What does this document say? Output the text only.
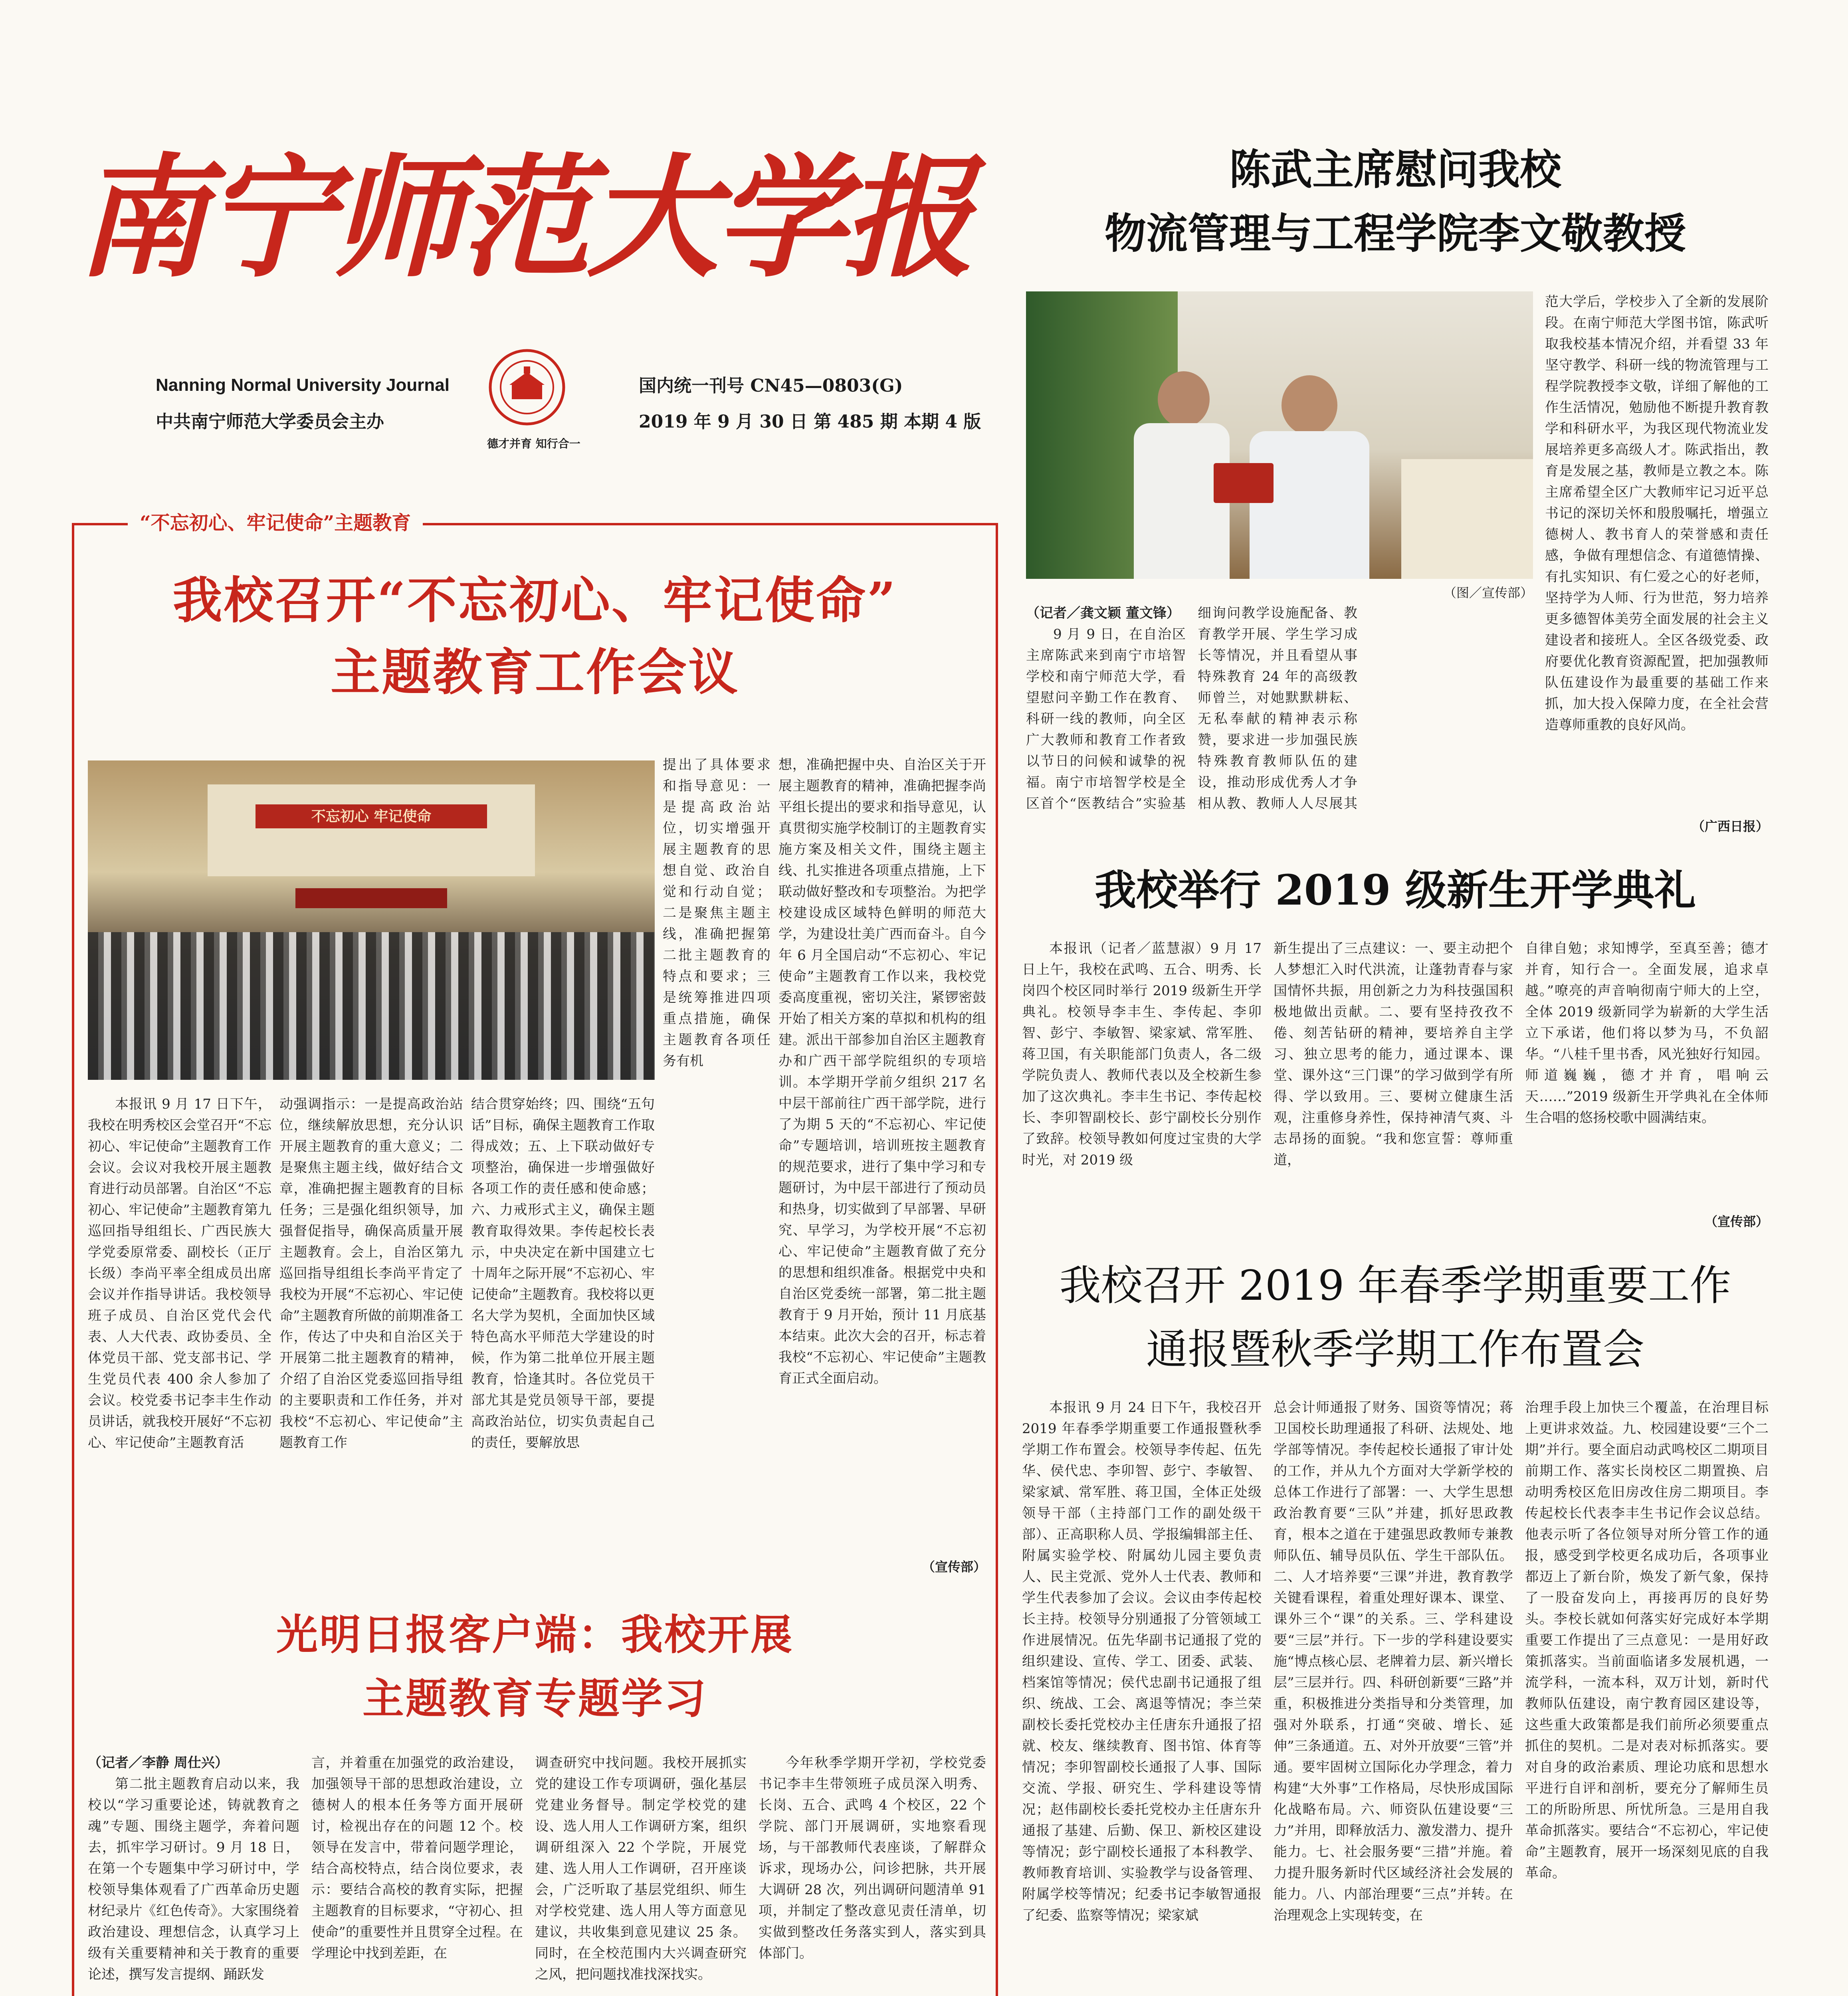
南宁师范大学报
Nanning Normal University Journal
中共南宁师范大学委员会主办
德才并育 知行合一
国内统一刊号 CN45—0803(G)
2019 年 9 月 30 日 第 485 期 本期 4 版
陈武主席慰问我校
物流管理与工程学院李文敬教授
（图／宣传部）

（记者／龚文颖 董文锋）

9 月 9 日，在自治区主席陈武来到南宁市培智学校和南宁师范大学，看望慰问辛勤工作在教育、科研一线的教师，向全区广大教师和教育工作者致以节日的问候和诚挚的祝福。南宁市培智学校是全区首个“医教结合”实验基

细询问教学设施配备、教育教学开展、学生学习成长等情况，并且看望从事特殊教育 24 年的高级教师曾兰，对她默默耕耘、无私奉献的精神表示称赞，要求进一步加强民族特殊教育教师队伍的建设，推动形成优秀人才争相从教、教师人人尽展其

范大学后，学校步入了全新的发展阶段。在南宁师范大学图书馆，陈武听取我校基本情况介绍，并看望 33 年坚守教学、科研一线的物流管理与工程学院教授李文敬，详细了解他的工作生活情况，勉励他不断提升教育教学和科研水平，为我区现代物流业发展培养更多高级人才。陈武指出，教育是发展之基，教师是立教之本。陈主席希望全区广大教师牢记习近平总书记的深切关怀和殷殷嘱托，增强立德树人、教书育人的荣誉感和责任感，争做有理想信念、有道德情操、有扎实知识、有仁爱之心的好老师，坚持学为人师、行为世范，努力培养更多德智体美劳全面发展的社会主义建设者和接班人。全区各级党委、政府要优化教育资源配置，把加强教师队伍建设作为最重要的基础工作来抓，加大投入保障力度，在全社会营造尊师重教的良好风尚。

（广西日报）
“不忘初心、牢记使命”主题教育
我校召开“不忘初心、牢记使命”
主题教育工作会议
不忘初心 牢记使命

提出了具体要求和指导意见：一是提高政治站位，切实增强开展主题教育的思想自觉、政治自觉和行动自觉；二是聚焦主题主线，准确把握第二批主题教育的特点和要求；三是统筹推进四项重点措施，确保主题教育各项任务有机

本报讯 9 月 17 日下午，我校在明秀校区会堂召开“不忘初心、牢记使命”主题教育工作会议。会议对我校开展主题教育进行动员部署。自治区“不忘初心、牢记使命”主题教育第九巡回指导组组长、广西民族大学党委原常委、副校长（正厅长级）李尚平率全组成员出席会议并作指导讲话。我校领导班子成员、自治区党代会代表、人大代表、政协委员、全体党员干部、党支部书记、学生党员代表 400 余人参加了会议。校党委书记李丰生作动员讲话，就我校开展好“不忘初心、牢记使命”主题教育活

动强调指示：一是提高政治站位，继续解放思想，充分认识开展主题教育的重大意义；二是聚焦主题主线，做好结合文章，准确把握主题教育的目标任务；三是强化组织领导，加强督促指导，确保高质量开展主题教育。会上，自治区第九巡回指导组组长李尚平肯定了我校为开展“不忘初心、牢记使命”主题教育所做的前期准备工作，传达了中央和自治区关于开展第二批主题教育的精神，介绍了自治区党委巡回指导组的主要职责和工作任务，并对我校“不忘初心、牢记使命”主题教育工作

结合贯穿始终；四、围绕“五句话”目标，确保主题教育工作取得成效；五、上下联动做好专项整治，确保进一步增强做好各项工作的责任感和使命感；六、力戒形式主义，确保主题教育取得效果。李传起校长表示，中央决定在新中国建立七十周年之际开展“不忘初心、牢记使命”主题教育。我校将以更名大学为契机，全面加快区域特色高水平师范大学建设的时候，作为第二批单位开展主题教育，恰逢其时。各位党员干部尤其是党员领导干部，要提高政治站位，切实负责起自己的责任，要解放思

想，准确把握中央、自治区关于开展主题教育的精神，准确把握李尚平组长提出的要求和指导意见，认真贯彻实施学校制订的主题教育实施方案及相关文件，围绕主题主线、扎实推进各项重点措施，上下联动做好整改和专项整治。为把学校建设成区域特色鲜明的师范大学，为建设壮美广西而奋斗。自今年 6 月全国启动“不忘初心、牢记使命”主题教育工作以来，我校党委高度重视，密切关注，紧锣密鼓开始了相关方案的草拟和机构的组建。派出干部参加自治区主题教育办和广西干部学院组织的专项培训。本学期开学前夕组织 217 名中层干部前往广西干部学院，进行了为期 5 天的“不忘初心、牢记使命”专题培训，培训班按主题教育的规范要求，进行了集中学习和专题研讨，为中层干部进行了预动员和热身，切实做到了早部署、早研究、早学习，为学校开展“不忘初心、牢记使命”主题教育做了充分的思想和组织准备。根据党中央和自治区党委统一部署，第二批主题教育于 9 月开始，预计 11 月底基本结束。此次大会的召开，标志着我校“不忘初心、牢记使命”主题教育正式全面启动。

（宣传部）
光明日报客户端：我校开展
主题教育专题学习

（记者／李静 周仕兴）

第二批主题教育启动以来，我校以“学习重要论述，铸就教育之魂”专题、围绕主题学，奔着问题去，抓牢学习研讨。9 月 18 日，在第一个专题集中学习研讨中，学校领导集体观看了广西革命历史题材纪录片《红色传奇》。大家围绕着政治建设、理想信念，认真学习上级有关重要精神和关于教育的重要论述，撰写发言提纲、踊跃发

言，并着重在加强党的政治建设，加强领导干部的思想政治建设，立德树人的根本任务等方面开展研讨，检视出存在的问题 12 个。校领导在发言中，带着问题学理论，结合高校特点，结合岗位要求，表示：要结合高校的教育实际，把握主题教育的目标要求，“守初心、担使命”的重要性并且贯穿全过程。在学理论中找到差距，在

调查研究中找问题。我校开展抓实党的建设工作专项调研，强化基层党建业务督导。制定学校党的建设、选人用人工作调研方案，组织调研组深入 22 个学院，开展党建、选人用人工作调研，召开座谈会，广泛听取了基层党组织、师生对学校党建、选人用人等方面意见建议，共收集到意见建议 25 条。同时，在全校范围内大兴调查研究之风，把问题找准找深找实。

今年秋季学期开学初，学校党委书记李丰生带领班子成员深入明秀、长岗、五合、武鸣 4 个校区，22 个学院、部门开展调研，实地察看现场，与干部教师代表座谈，了解群众诉求，现场办公，问诊把脉，共开展大调研 28 次，列出调研问题清单 91 项，并制定了整改意见责任清单，切实做到整改任务落实到人，落实到具体部门。

我校举行 2019 级新生开学典礼

本报讯（记者／蓝慧淑）9 月 17 日上午，我校在武鸣、五合、明秀、长岗四个校区同时举行 2019 级新生开学典礼。校领导李丰生、李传起、李卯智、彭宁、李敏智、梁家斌、常军胜、蒋卫国，有关职能部门负责人，各二级学院负责人、教师代表以及全校新生参加了这次典礼。李丰生书记、李传起校长、李卯智副校长、彭宁副校长分别作了致辞。校领导教如何度过宝贵的大学时光，对 2019 级

新生提出了三点建议：一、要主动把个人梦想汇入时代洪流，让蓬勃青春与家国情怀共振，用创新之力为科技强国积极地做出贡献。二、要有坚持孜孜不倦、刻苦钻研的精神，要培养自主学习、独立思考的能力，通过课本、课堂、课外这“三门课”的学习做到学有所得、学以致用。三、要树立健康生活观，注重修身养性，保持神清气爽、斗志昂扬的面貌。“我和您宣誓：尊师重道，

自律自勉；求知博学，至真至善；德才并育，知行合一。全面发展，追求卓越。”嘹亮的声音响彻南宁师大的上空，全体 2019 级新同学为崭新的大学生活立下承诺，他们将以梦为马，不负韶华。“八桂千里书香，风光独好行知园。师道巍巍，德才并育，唱响云天……”2019 级新生开学典礼在全体师生合唱的悠扬校歌中圆满结束。

（宣传部）
我校召开 2019 年春季学期重要工作
通报暨秋季学期工作布置会

本报讯 9 月 24 日下午，我校召开 2019 年春季学期重要工作通报暨秋季学期工作布置会。校领导李传起、伍先华、侯代忠、李卯智、彭宁、李敏智、梁家斌、常军胜、蒋卫国，全体正处级领导干部（主持部门工作的副处级干部）、正高职称人员、学报编辑部主任、附属实验学校、附属幼儿园主要负责人、民主党派、党外人士代表、教师和学生代表参加了会议。会议由李传起校长主持。校领导分别通报了分管领域工作进展情况。伍先华副书记通报了党的组织建设、宣传、学工、团委、武装、档案馆等情况；侯代忠副书记通报了组织、统战、工会、离退等情况；李兰荣副校长委托党校办主任唐东升通报了招就、校友、继续教育、图书馆、体育等情况；李卯智副校长通报了人事、国际交流、学报、研究生、学科建设等情况；赵伟副校长委托党校办主任唐东升通报了基建、后勤、保卫、新校区建设等情况；彭宁副校长通报了本科教学、教师教育培训、实验教学与设备管理、附属学校等情况；纪委书记李敏智通报了纪委、监察等情况；梁家斌

总会计师通报了财务、国资等情况；蒋卫国校长助理通报了科研、法规处、地学部等情况。李传起校长通报了审计处的工作，并从九个方面对大学新学校的总体工作进行了部署：一、大学生思想政治教育要“三队”并建，抓好思政教育，根本之道在于建强思政教师专兼教师队伍、辅导员队伍、学生干部队伍。二、人才培养要“三课”并进，教育教学关键看课程，着重处理好课本、课堂、课外三个“课”的关系。三、学科建设要“三层”并行。下一步的学科建设要实施“博点核心层、老牌着力层、新兴增长层”三层并行。四、科研创新要“三路”并重，积极推进分类指导和分类管理，加强对外联系，打通“突破、增长、延伸”三条通道。五、对外开放要“三管”并通。要牢固树立国际化办学理念，着力构建“大外事”工作格局，尽快形成国际化战略布局。六、师资队伍建设要“三力”并用，即释放活力、激发潜力、提升能力。七、社会服务要“三措”并施。着力提升服务新时代区域经济社会发展的能力。八、内部治理要“三点”并转。在治理观念上实现转变，在

治理手段上加快三个覆盖，在治理目标上更讲求效益。九、校园建设要“三个二期”并行。要全面启动武鸣校区二期项目前期工作、落实长岗校区二期置换、启动明秀校区危旧房改住房二期项目。李传起校长代表李丰生书记作会议总结。他表示听了各位领导对所分管工作的通报，感受到学校更名成功后，各项事业都迈上了新台阶，焕发了新气象，保持了一股奋发向上，再接再厉的良好势头。李校长就如何落实好完成好本学期重要工作提出了三点意见：一是用好政策抓落实。当前面临诸多发展机遇，一流学科，一流本科，双万计划，新时代教师队伍建设，南宁教育园区建设等，这些重大政策都是我们前所必须要重点抓住的契机。二是对表对标抓落实。要对自身的政治素质、理论功底和思想水平进行自评和剖析，要充分了解师生员工的所盼所思、所忧所急。三是用自我革命抓落实。要结合“不忘初心，牢记使命”主题教育，展开一场深刻见底的自我革命。
